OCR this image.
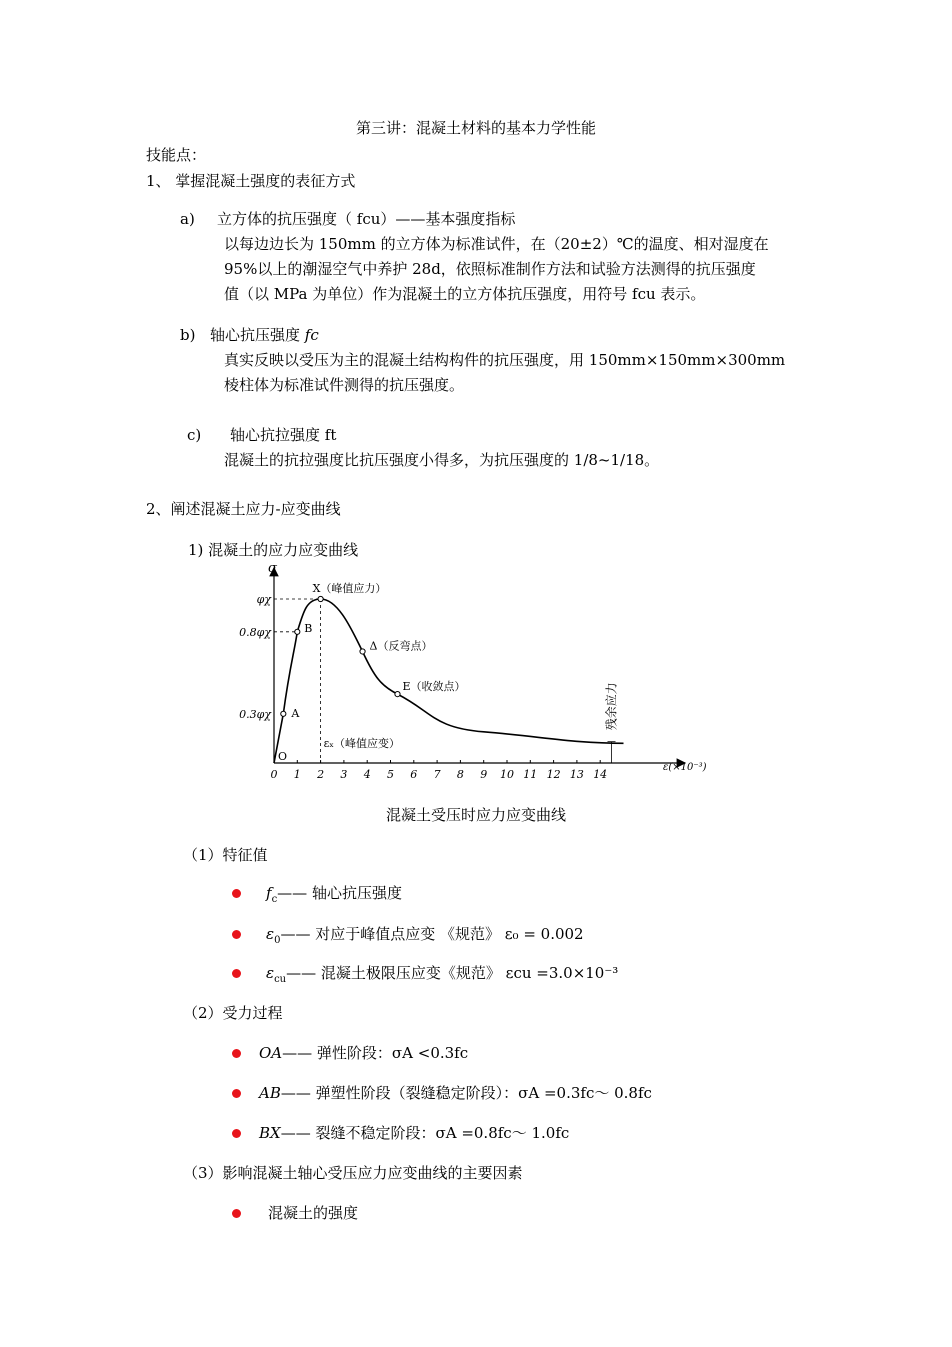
第三讲：混凝土材料的基本力学性能
技能点：
1、 掌握混凝土强度的表征方式
a) 立方体的抗压强度（ fcu）——基本强度指标
以每边边长为 150mm 的立方体为标准试件，在（20±2）℃的温度、相对湿度在
95%以上的潮湿空气中养护 28d，依照标准制作方法和试验方法测得的抗压强度
值（以 MPa 为单位）作为混凝土的立方体抗压强度，用符号 fcu 表示。
b) 轴心抗压强度 fc
真实反映以受压为主的混凝土结构构件的抗压强度，用 150mm×150mm×300mm
棱柱体为标准试件测得的抗压强度。
c) 轴心抗拉强度 ft
混凝土的抗拉强度比抗压强度小得多，为抗压强度的 1/8~1/18。
2、阐述混凝土应力-应变曲线
1) 混凝土的应力应变曲线
σ
ε(×10⁻³)
0 1 2 3 4 5 6 7 8 9 10 11 12 13 14
φχ
0.8φχ
0.3φχ
O
A
B
X（峰值应力）
Δ（反弯点）
E（收敛点）
εₓ（峰值应变）
残余应力
混凝土受压时应力应变曲线
（1）特征值
$f_c——$ 轴心抗压强度
$\varepsilon_0——$ 对应于峰值点应变 《规范》 ε₀ = 0.002
$\varepsilon_{cu}——$ 混凝土极限压应变《规范》 εcu =3.0×10⁻³
（2）受力过程
OA—— 弹性阶段：σA <0.3fc
AB—— 弹塑性阶段（裂缝稳定阶段）：σA =0.3fc～ 0.8fc
BX—— 裂缝不稳定阶段：σA =0.8fc～ 1.0fc
（3）影响混凝土轴心受压应力应变曲线的主要因素
混凝土的强度
